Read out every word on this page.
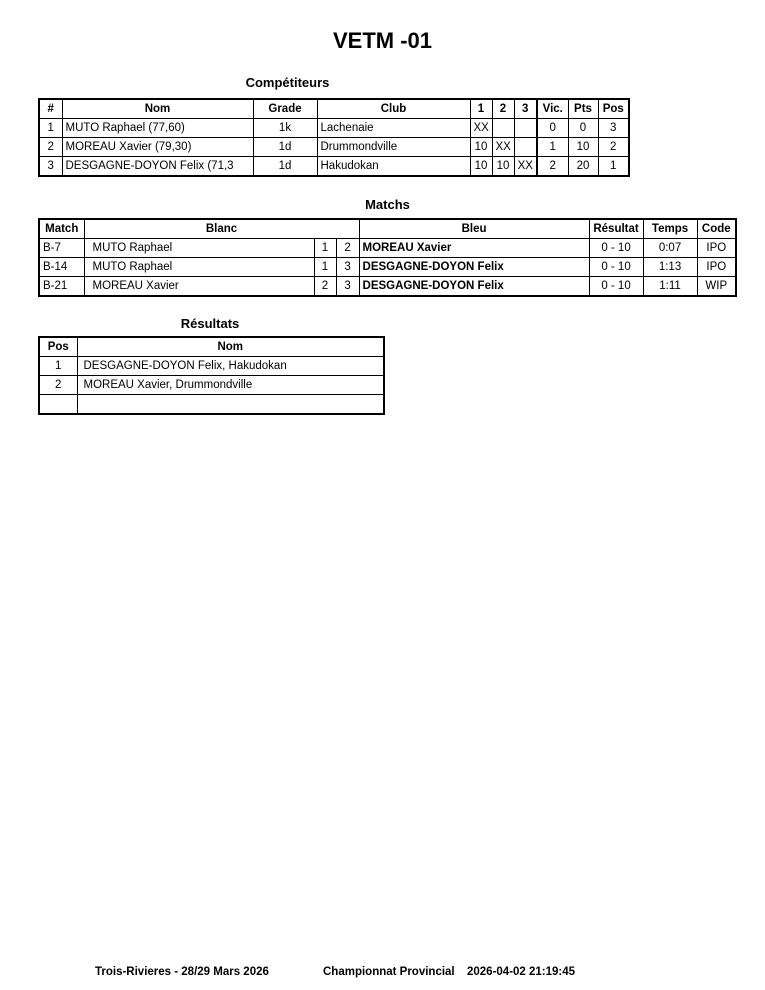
VETM -01
Compétiteurs
#	Nom	Grade	Club	1	2	3	Vic.	Pts	Pos
1	MUTO Raphael (77,60)	1k	Lachenaie	XX			0	0	3
2	MOREAU Xavier (79,30)	1d	Drummondville	10	XX		1	10	2
3	DESGAGNE-DOYON Felix (71,3	1d	Hakudokan	10	10	XX	2	20	1
Matchs
Match	Blanc			Bleu	Résultat	Temps	Code
B-7	MUTO Raphael	1	2	MOREAU Xavier	0 - 10	0:07	IPO
B-14	MUTO Raphael	1	3	DESGAGNE-DOYON Felix	0 - 10	1:13	IPO
B-21	MOREAU Xavier	2	3	DESGAGNE-DOYON Felix	0 - 10	1:11	WIP
Résultats
Pos	Nom
1	DESGAGNE-DOYON Felix, Hakudokan
2	MOREAU Xavier, Drummondville

Trois-Rivieres - 28/29 Mars 2026	Championnat Provincial 2026-04-02 21:19:45
